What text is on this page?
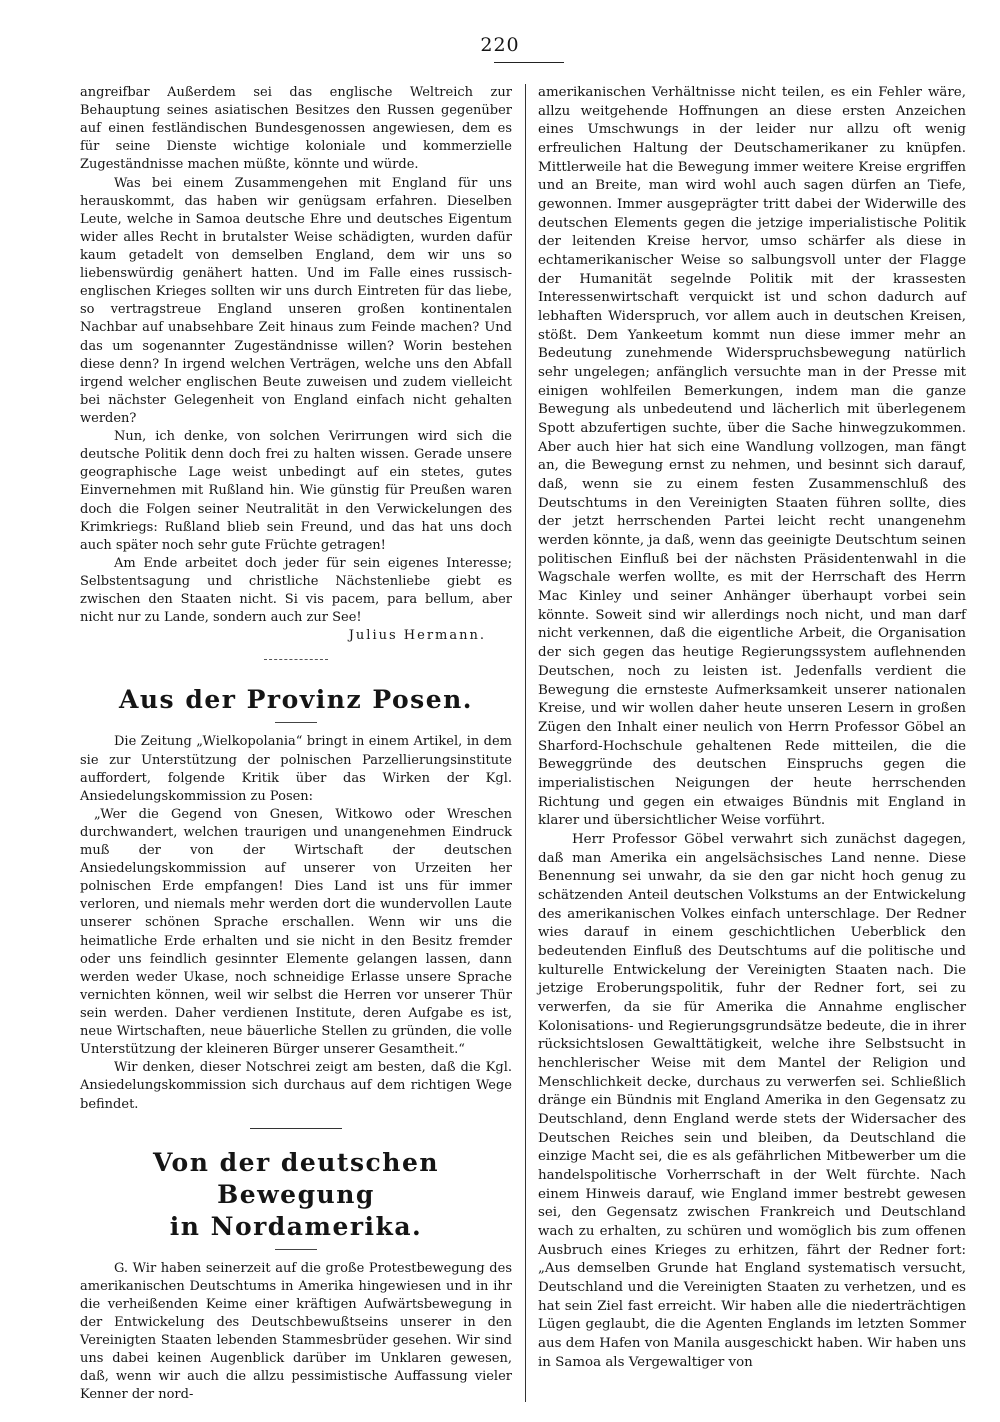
220

angreifbar Außerdem sei das englische Weltreich zur Behauptung seines asiatischen Besitzes den Russen gegenüber auf einen festländischen Bundesgenossen angewiesen, dem es für seine Dienste wichtige koloniale und kommerzielle Zugeständnisse machen müßte, könnte und würde.

Was bei einem Zusammengehen mit England für uns herauskommt, das haben wir genügsam erfahren. Dieselben Leute, welche in Samoa deutsche Ehre und deutsches Eigentum wider alles Recht in brutalster Weise schädigten, wurden dafür kaum getadelt von demselben England, dem wir uns so liebenswürdig genähert hatten. Und im Falle eines russisch-englischen Krieges sollten wir uns durch Eintreten für das liebe, so vertragstreue England unseren großen kontinentalen Nachbar auf unabsehbare Zeit hinaus zum Feinde machen? Und das um sogenannter Zugeständnisse willen? Worin bestehen diese denn? In irgend welchen Verträgen, welche uns den Abfall irgend welcher englischen Beute zuweisen und zudem vielleicht bei nächster Gelegenheit von England einfach nicht gehalten werden?

Nun, ich denke, von solchen Verirrungen wird sich die deutsche Politik denn doch frei zu halten wissen. Gerade unsere geographische Lage weist unbedingt auf ein stetes, gutes Einvernehmen mit Rußland hin. Wie günstig für Preußen waren doch die Folgen seiner Neutralität in den Verwickelungen des Krimkriegs: Rußland blieb sein Freund, und das hat uns doch auch später noch sehr gute Früchte getragen!

Am Ende arbeitet doch jeder für sein eigenes Interesse; Selbstentsagung und christliche Nächstenliebe giebt es zwischen den Staaten nicht. Si vis pacem, para bellum, aber nicht nur zu Lande, sondern auch zur See!

Julius Hermann.

Aus der Provinz Posen.

Die Zeitung „Wielkopolania“ bringt in einem Artikel, in dem sie zur Unterstützung der polnischen Parzellierungsinstitute auffordert, folgende Kritik über das Wirken der Kgl. Ansiedelungskommission zu Posen:

„Wer die Gegend von Gnesen, Witkowo oder Wreschen durchwandert, welchen traurigen und unangenehmen Eindruck muß der von der Wirtschaft der deutschen Ansiedelungskommission auf unserer von Urzeiten her polnischen Erde empfangen! Dies Land ist uns für immer verloren, und niemals mehr werden dort die wundervollen Laute unserer schönen Sprache erschallen. Wenn wir uns die heimatliche Erde erhalten und sie nicht in den Besitz fremder oder uns feindlich gesinnter Elemente gelangen lassen, dann werden weder Ukase, noch schneidige Erlasse unsere Sprache vernichten können, weil wir selbst die Herren vor unserer Thür sein werden. Daher verdienen Institute, deren Aufgabe es ist, neue Wirtschaften, neue bäuerliche Stellen zu gründen, die volle Unterstützung der kleineren Bürger unserer Gesamtheit.“

Wir denken, dieser Notschrei zeigt am besten, daß die Kgl. Ansiedelungskommission sich durchaus auf dem richtigen Wege befindet.

Von der deutschen Bewegung
in Nordamerika.

G. Wir haben seinerzeit auf die große Protestbewegung des amerikanischen Deutschtums in Amerika hingewiesen und in ihr die verheißenden Keime einer kräftigen Aufwärtsbewegung in der Entwickelung des Deutschbewußtseins unserer in den Vereinigten Staaten lebenden Stammesbrüder gesehen. Wir sind uns dabei keinen Augenblick darüber im Unklaren gewesen, daß, wenn wir auch die allzu pessimistische Auffassung vieler Kenner der nord-

amerikanischen Verhältnisse nicht teilen, es ein Fehler wäre, allzu weitgehende Hoffnungen an diese ersten Anzeichen eines Umschwungs in der leider nur allzu oft wenig erfreulichen Haltung der Deutschamerikaner zu knüpfen. Mittlerweile hat die Bewegung immer weitere Kreise ergriffen und an Breite, man wird wohl auch sagen dürfen an Tiefe, gewonnen. Immer ausgeprägter tritt dabei der Widerwille des deutschen Elements gegen die jetzige imperialistische Politik der leitenden Kreise hervor, umso schärfer als diese in echtamerikanischer Weise so salbungsvoll unter der Flagge der Humanität segelnde Politik mit der krassesten Interessenwirtschaft verquickt ist und schon dadurch auf lebhaften Widerspruch, vor allem auch in deutschen Kreisen, stößt. Dem Yankeetum kommt nun diese immer mehr an Bedeutung zunehmende Widerspruchsbewegung natürlich sehr ungelegen; anfänglich versuchte man in der Presse mit einigen wohlfeilen Bemerkungen, indem man die ganze Bewegung als unbedeutend und lächerlich mit überlegenem Spott abzufertigen suchte, über die Sache hinwegzukommen. Aber auch hier hat sich eine Wandlung vollzogen, man fängt an, die Bewegung ernst zu nehmen, und besinnt sich darauf, daß, wenn sie zu einem festen Zusammenschluß des Deutschtums in den Vereinigten Staaten führen sollte, dies der jetzt herrschenden Partei leicht recht unangenehm werden könnte, ja daß, wenn das geeinigte Deutschtum seinen politischen Einfluß bei der nächsten Präsidentenwahl in die Wagschale werfen wollte, es mit der Herrschaft des Herrn Mac Kinley und seiner Anhänger überhaupt vorbei sein könnte. Soweit sind wir allerdings noch nicht, und man darf nicht verkennen, daß die eigentliche Arbeit, die Organisation der sich gegen das heutige Regierungssystem auflehnenden Deutschen, noch zu leisten ist. Jedenfalls verdient die Bewegung die ernsteste Aufmerksamkeit unserer nationalen Kreise, und wir wollen daher heute unseren Lesern in großen Zügen den Inhalt einer neulich von Herrn Professor Göbel an Sharford-Hochschule gehaltenen Rede mitteilen, die die Beweggründe des deutschen Einspruchs gegen die imperialistischen Neigungen der heute herrschenden Richtung und gegen ein etwaiges Bündnis mit England in klarer und übersichtlicher Weise vorführt.

Herr Professor Göbel verwahrt sich zunächst dagegen, daß man Amerika ein angelsächsisches Land nenne. Diese Benennung sei unwahr, da sie den gar nicht hoch genug zu schätzenden Anteil deutschen Volkstums an der Entwickelung des amerikanischen Volkes einfach unterschlage. Der Redner wies darauf in einem geschichtlichen Ueberblick den bedeutenden Einfluß des Deutschtums auf die politische und kulturelle Entwickelung der Vereinigten Staaten nach. Die jetzige Eroberungspolitik, fuhr der Redner fort, sei zu verwerfen, da sie für Amerika die Annahme englischer Kolonisations- und Regierungsgrundsätze bedeute, die in ihrer rücksichtslosen Gewalttätigkeit, welche ihre Selbstsucht in henchlerischer Weise mit dem Mantel der Religion und Menschlichkeit decke, durchaus zu verwerfen sei. Schließlich dränge ein Bündnis mit England Amerika in den Gegensatz zu Deutschland, denn England werde stets der Widersacher des Deutschen Reiches sein und bleiben, da Deutschland die einzige Macht sei, die es als gefährlichen Mitbewerber um die handelspolitische Vorherrschaft in der Welt fürchte. Nach einem Hinweis darauf, wie England immer bestrebt gewesen sei, den Gegensatz zwischen Frankreich und Deutschland wach zu erhalten, zu schüren und womöglich bis zum offenen Ausbruch eines Krieges zu erhitzen, fährt der Redner fort: „Aus demselben Grunde hat England systematisch versucht, Deutschland und die Vereinigten Staaten zu verhetzen, und es hat sein Ziel fast erreicht. Wir haben alle die niederträchtigen Lügen geglaubt, die die Agenten Englands im letzten Sommer aus dem Hafen von Manila ausgeschickt haben. Wir haben uns in Samoa als Vergewaltiger von
